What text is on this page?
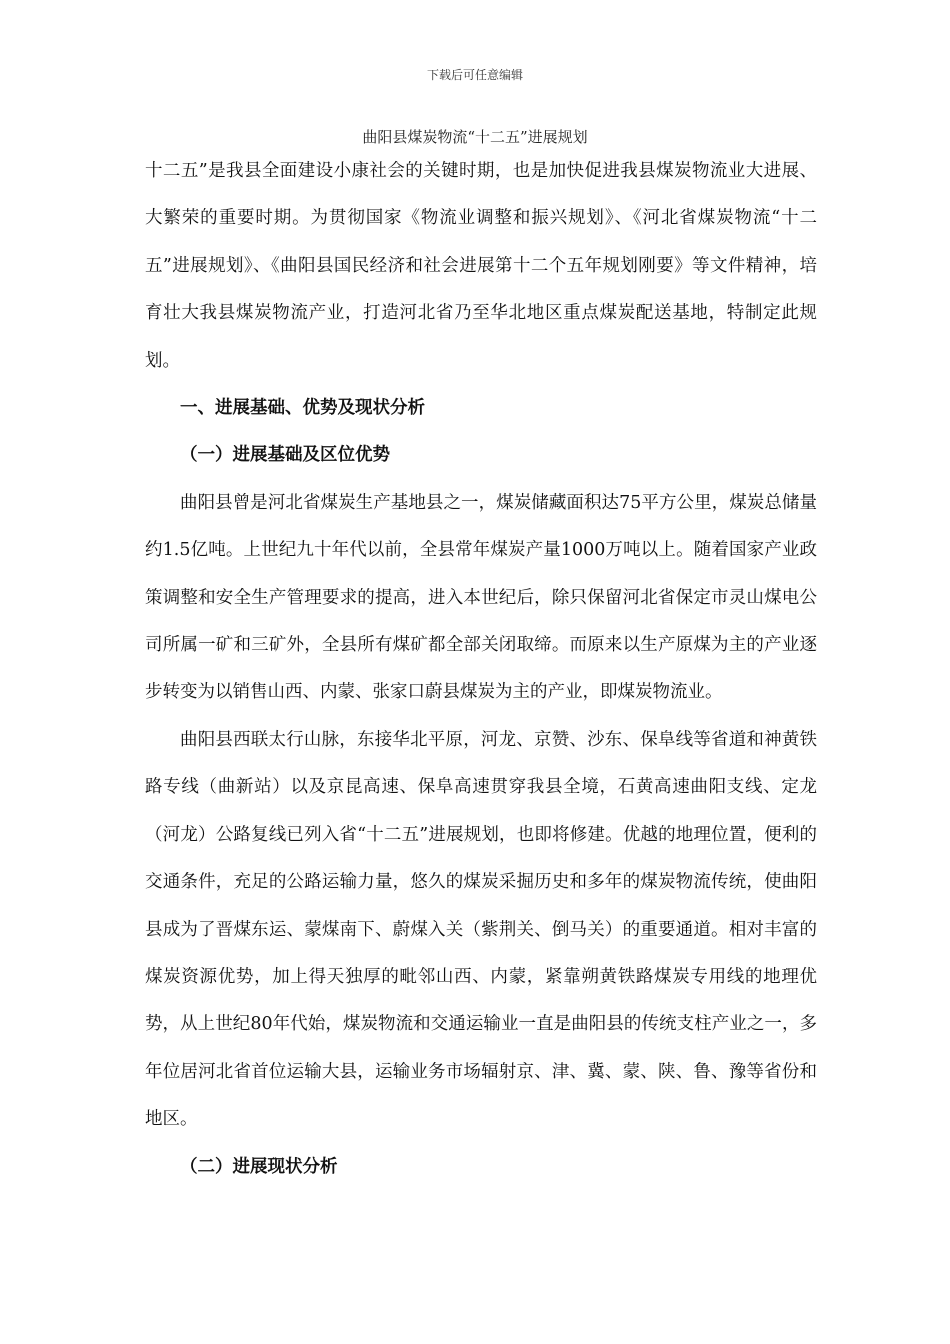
下载后可任意编辑
曲阳县煤炭物流“十二五”进展规划

十二五”是我县全面建设小康社会的关键时期，也是加快促进我县煤炭物流业大进展、大繁荣的重要时期。为贯彻国家《物流业调整和振兴规划》、《河北省煤炭物流“十二五”进展规划》、《曲阳县国民经济和社会进展第十二个五年规划刚要》等文件精神，培育壮大我县煤炭物流产业，打造河北省乃至华北地区重点煤炭配送基地，特制定此规划。

一、进展基础、优势及现状分析

（一）进展基础及区位优势

曲阳县曾是河北省煤炭生产基地县之一，煤炭储藏面积达75平方公里，煤炭总储量约1.5亿吨。上世纪九十年代以前，全县常年煤炭产量1000万吨以上。随着国家产业政策调整和安全生产管理要求的提高，进入本世纪后，除只保留河北省保定市灵山煤电公司所属一矿和三矿外，全县所有煤矿都全部关闭取缔。而原来以生产原煤为主的产业逐步转变为以销售山西、内蒙、张家口蔚县煤炭为主的产业，即煤炭物流业。

曲阳县西联太行山脉，东接华北平原，河龙、京赞、沙东、保阜线等省道和神黄铁路专线（曲新站）以及京昆高速、保阜高速贯穿我县全境，石黄高速曲阳支线、定龙（河龙）公路复线已列入省“十二五”进展规划，也即将修建。优越的地理位置，便利的交通条件，充足的公路运输力量，悠久的煤炭采掘历史和多年的煤炭物流传统，使曲阳县成为了晋煤东运、蒙煤南下、蔚煤入关（紫荆关、倒马关）的重要通道。相对丰富的煤炭资源优势，加上得天独厚的毗邻山西、内蒙，紧靠朔黄铁路煤炭专用线的地理优势，从上世纪80年代始，煤炭物流和交通运输业一直是曲阳县的传统支柱产业之一，多年位居河北省首位运输大县，运输业务市场辐射京、津、冀、蒙、陕、鲁、豫等省份和地区。

（二）进展现状分析
